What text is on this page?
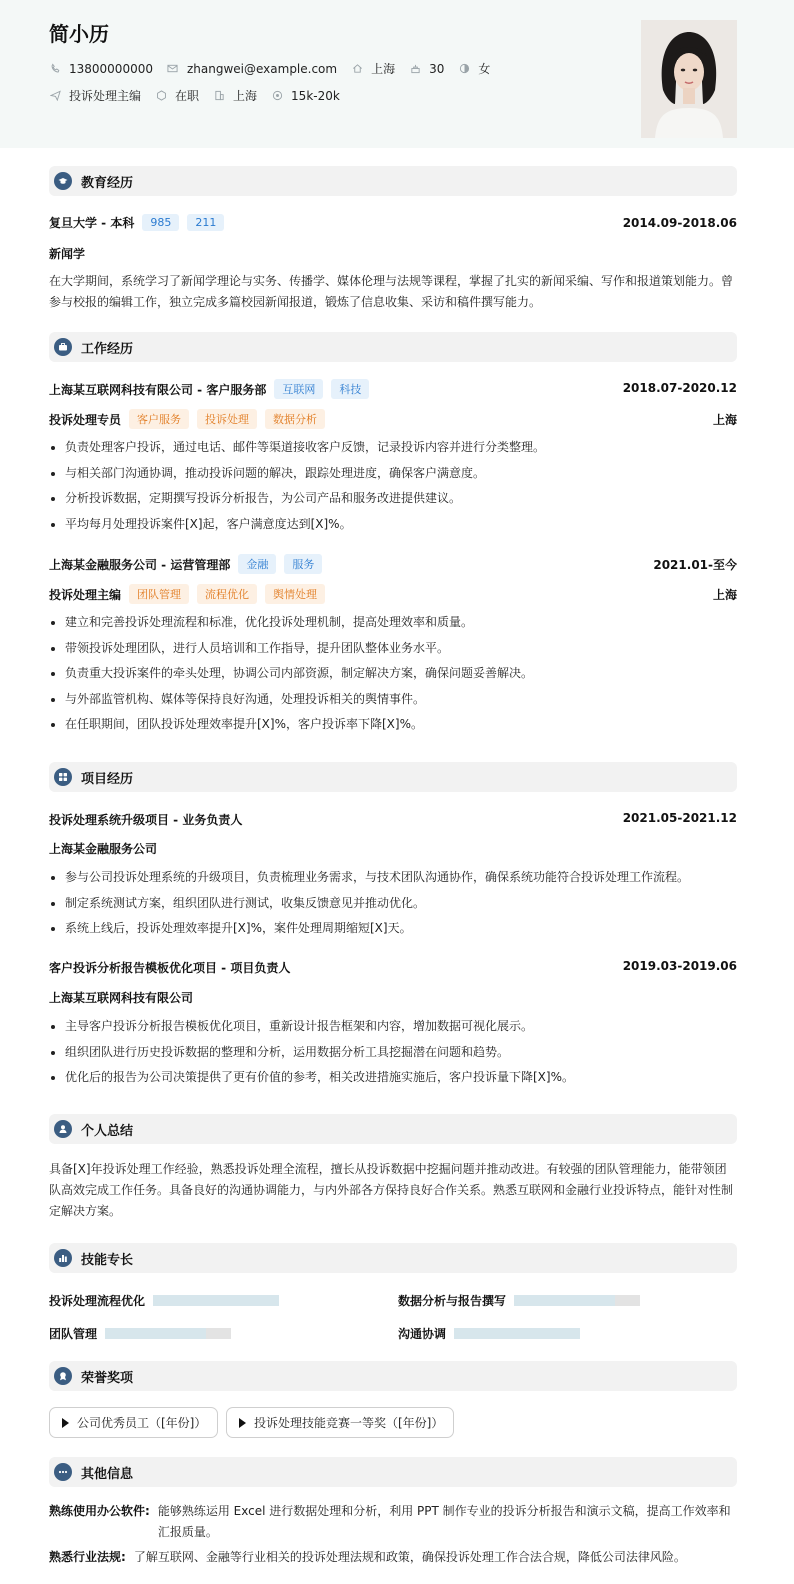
简小历
13800000000	zhangwei@example.com	上海	30	女
投诉处理主编	在职	上海	15k-20k
教育经历
复旦大学 - 本科	985	211	2014.09-2018.06
新闻学
在大学期间，系统学习了新闻学理论与实务、传播学、媒体伦理与法规等课程，掌握了扎实的新闻采编、写作和报道策划能力。曾参与校报的编辑工作，独立完成多篇校园新闻报道，锻炼了信息收集、采访和稿件撰写能力。
工作经历
上海某互联网科技有限公司 - 客户服务部	互联网	科技	2018.07-2020.12
投诉处理专员	客户服务	投诉处理	数据分析	上海
负责处理客户投诉，通过电话、邮件等渠道接收客户反馈，记录投诉内容并进行分类整理。
与相关部门沟通协调，推动投诉问题的解决，跟踪处理进度，确保客户满意度。
分析投诉数据，定期撰写投诉分析报告，为公司产品和服务改进提供建议。
平均每月处理投诉案件[X]起，客户满意度达到[X]%。
上海某金融服务公司 - 运营管理部	金融	服务	2021.01-至今
投诉处理主编	团队管理	流程优化	舆情处理	上海
建立和完善投诉处理流程和标准，优化投诉处理机制，提高处理效率和质量。
带领投诉处理团队，进行人员培训和工作指导，提升团队整体业务水平。
负责重大投诉案件的牵头处理，协调公司内部资源，制定解决方案，确保问题妥善解决。
与外部监管机构、媒体等保持良好沟通，处理投诉相关的舆情事件。
在任职期间，团队投诉处理效率提升[X]%，客户投诉率下降[X]%。
项目经历
投诉处理系统升级项目 - 业务负责人	2021.05-2021.12
上海某金融服务公司
参与公司投诉处理系统的升级项目，负责梳理业务需求，与技术团队沟通协作，确保系统功能符合投诉处理工作流程。
制定系统测试方案，组织团队进行测试，收集反馈意见并推动优化。
系统上线后，投诉处理效率提升[X]%，案件处理周期缩短[X]天。
客户投诉分析报告模板优化项目 - 项目负责人	2019.03-2019.06
上海某互联网科技有限公司
主导客户投诉分析报告模板优化项目，重新设计报告框架和内容，增加数据可视化展示。
组织团队进行历史投诉数据的整理和分析，运用数据分析工具挖掘潜在问题和趋势。
优化后的报告为公司决策提供了更有价值的参考，相关改进措施实施后，客户投诉量下降[X]%。
个人总结
具备[X]年投诉处理工作经验，熟悉投诉处理全流程，擅长从投诉数据中挖掘问题并推动改进。有较强的团队管理能力，能带领团队高效完成工作任务。具备良好的沟通协调能力，与内外部各方保持良好合作关系。熟悉互联网和金融行业投诉特点，能针对性制定解决方案。
技能专长
投诉处理流程优化	数据分析与报告撰写
团队管理	沟通协调
荣誉奖项
公司优秀员工（[年份]）	投诉处理技能竞赛一等奖（[年份]）
其他信息
熟练使用办公软件: 能够熟练运用 Excel 进行数据处理和分析，利用 PPT 制作专业的投诉分析报告和演示文稿，提高工作效率和汇报质量。
熟悉行业法规: 了解互联网、金融等行业相关的投诉处理法规和政策，确保投诉处理工作合法合规，降低公司法律风险。
